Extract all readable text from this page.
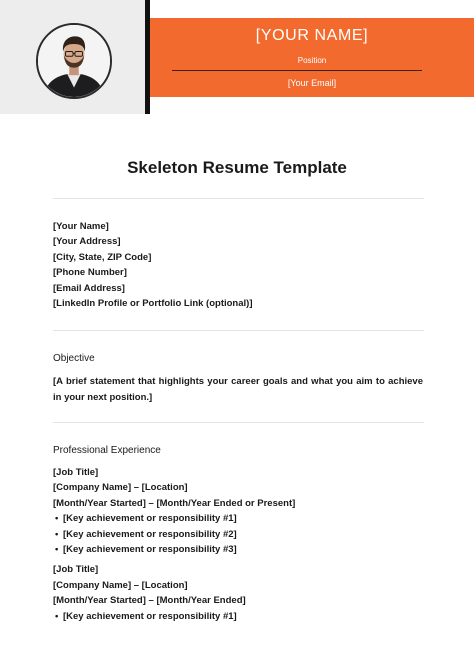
[YOUR NAME]
Position
[Your Email]
Skeleton Resume Template
[Your Name]
[Your Address]
[City, State, ZIP Code]
[Phone Number]
[Email Address]
[LinkedIn Profile or Portfolio Link (optional)]
Objective
[A brief statement that highlights your career goals and what you aim to achieve in your next position.]
Professional Experience
[Job Title]
[Company Name] – [Location]
[Month/Year Started] – [Month/Year Ended or Present]
• [Key achievement or responsibility #1]
• [Key achievement or responsibility #2]
• [Key achievement or responsibility #3]
[Job Title]
[Company Name] – [Location]
[Month/Year Started] – [Month/Year Ended]
• [Key achievement or responsibility #1]
